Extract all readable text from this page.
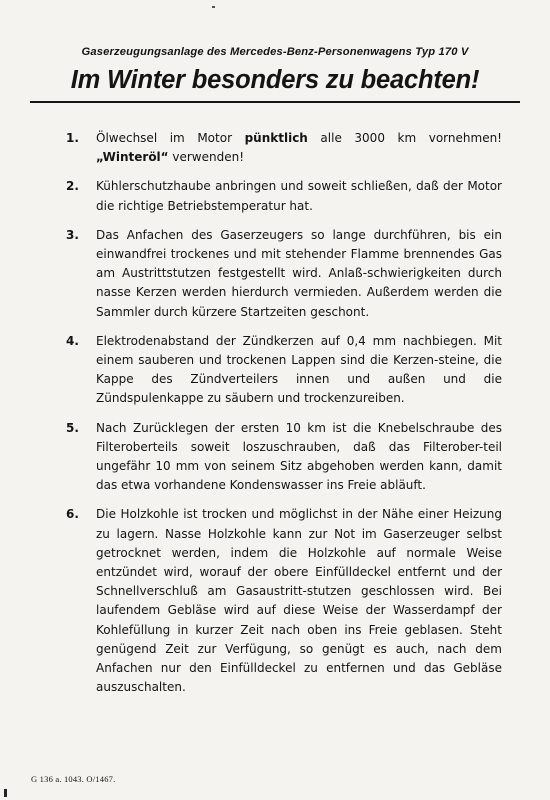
Gaserzeugungsanlage des Mercedes-Benz-Personenwagens Typ 170 V
Im Winter besonders zu beachten!
1.	Ölwechsel im Motor pünktlich alle 3000 km vornehmen! „Winteröl“ verwenden!
2.	Kühlerschutzhaube anbringen und soweit schließen, daß der Motor die richtige Betriebstemperatur hat.
3.	Das Anfachen des Gaserzeugers so lange durchführen, bis ein einwandfrei trockenes und mit stehender Flamme brennendes Gas am Austrittstutzen festgestellt wird. Anlaß-schwierigkeiten durch nasse Kerzen werden hierdurch vermieden. Außerdem werden die Sammler durch kürzere Startzeiten geschont.
4.	Elektrodenabstand der Zündkerzen auf 0,4 mm nachbiegen. Mit einem sauberen und trockenen Lappen sind die Kerzen-steine, die Kappe des Zündverteilers innen und außen und die Zündspulenkappe zu säubern und trockenzureiben.
5.	Nach Zurücklegen der ersten 10 km ist die Knebelschraube des Filteroberteils soweit loszuschrauben, daß das Filterober-teil ungefähr 10 mm von seinem Sitz abgehoben werden kann, damit das etwa vorhandene Kondenswasser ins Freie abläuft.
6.	Die Holzkohle ist trocken und möglichst in der Nähe einer Heizung zu lagern. Nasse Holzkohle kann zur Not im Gaserzeuger selbst getrocknet werden, indem die Holzkohle auf normale Weise entzündet wird, worauf der obere Einfülldeckel entfernt und der Schnellverschluß am Gasaustritt-stutzen geschlossen wird. Bei laufendem Gebläse wird auf diese Weise der Wasserdampf der Kohlefüllung in kurzer Zeit nach oben ins Freie geblasen. Steht genügend Zeit zur Verfügung, so genügt es auch, nach dem Anfachen nur den Einfülldeckel zu entfernen und das Gebläse auszuschalten.
G 136 a. 1043. O/1467.
